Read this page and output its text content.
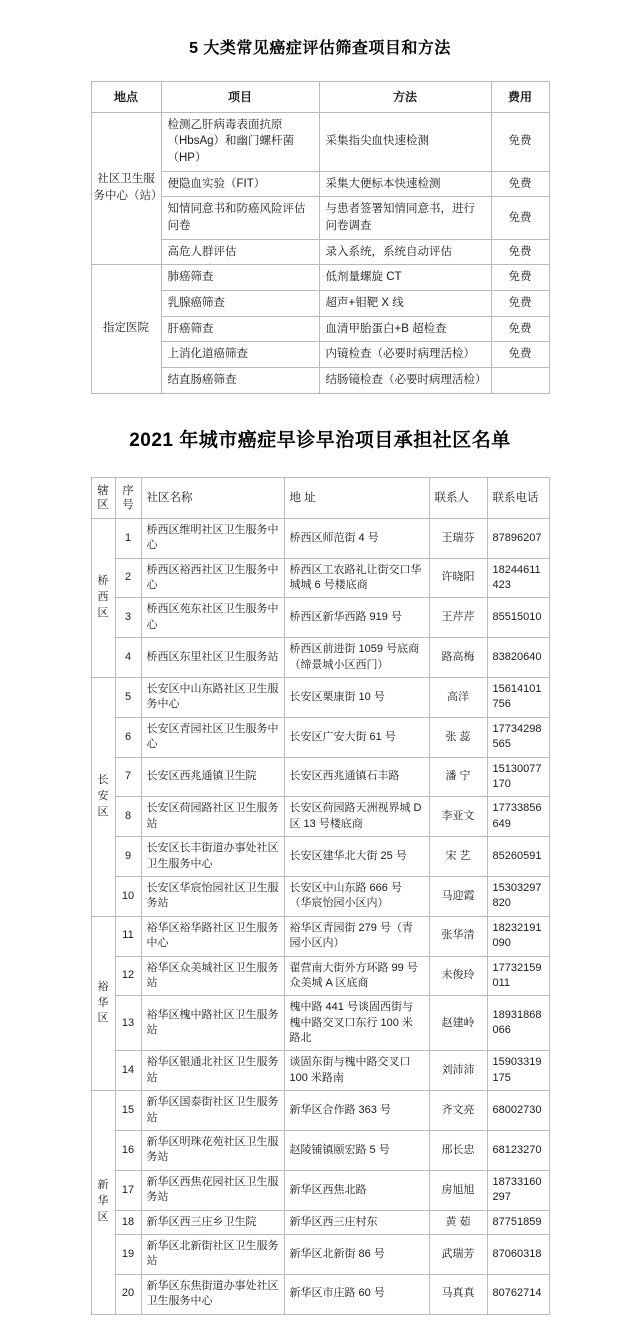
5 大类常见癌症评估筛查项目和方法
地点	项目	方法	费用
社区卫生服务中心（站）	检测乙肝病毒表面抗原（HbsAg）和幽门螺杆菌（HP）	采集指尖血快速检测	免费
	便隐血实验（FIT）	采集大便标本快速检测	免费
	知情同意书和防癌风险评估问卷	与患者签署知情同意书，进行问卷调查	免费
	高危人群评估	录入系统，系统自动评估	免费
指定医院	肺癌筛查	低剂量螺旋 CT	免费
	乳腺癌筛查	超声+钼靶 X 线	免费
	肝癌筛查	血清甲胎蛋白+B 超检查	免费
	上消化道癌筛查	内镜检查（必要时病理活检）	免费
	结直肠癌筛查	结肠镜检查（必要时病理活检）	
2021 年城市癌症早诊早治项目承担社区名单
辖区	序号	社区名称	地 址	联系人	联系电话
桥西区	1	桥西区维明社区卫生服务中心	桥西区师范街 4 号	王瑞芬	87896207
	2	桥西区裕西社区卫生服务中心	桥西区工农路礼让街交口华城城 6 号楼底商	许晓阳	18244611423
	3	桥西区苑东社区卫生服务中心	桥西区新华西路 919 号	王芹芹	85515010
	4	桥西区东里社区卫生服务站	桥西区前进街 1059 号底商（缔景城小区西门）	路高梅	83820640
长安区	5	长安区中山东路社区卫生服务中心	长安区栗康街 10 号	高洋	15614101756
	6	长安区青园社区卫生服务中心	长安区广安大街 61 号	张 蕊	17734298565
	7	长安区西兆通镇卫生院	长安区西兆通镇石丰路	潘 宁	15130077170
	8	长安区荷园路社区卫生服务站	长安区荷园路天洲视界城 D 区 13 号楼底商	李亚文	17733856649
	9	长安区长丰街道办事处社区卫生服务中心	长安区建华北大街 25 号	宋 艺	85260591
	10	长安区华宸怡园社区卫生服务站	长安区中山东路 666 号（华宸怡园小区内）	马迎霞	15303297820
裕华区	11	裕华区裕华路社区卫生服务中心	裕华区青园街 279 号（青园小区内）	张华清	18232191090
	12	裕华区众美城社区卫生服务站	翟营南大街外方环路 99 号众美城 A 区底商	未俊玲	17732159011
	13	裕华区槐中路社区卫生服务站	槐中路 441 号谈固西街与槐中路交叉口东行 100 米路北	赵建岭	18931868066
	14	裕华区银通北社区卫生服务站	谈固东街与槐中路交叉口 100 米路南	刘沛沛	15903319175
新华区	15	新华区国泰街社区卫生服务站	新华区合作路 363 号	齐文亮	68002730
	16	新华区明珠花苑社区卫生服务站	赵陵铺镇颐宏路 5 号	邢长忠	68123270
	17	新华区西焦花园社区卫生服务站	新华区西焦北路	房旭旭	18733160297
	18	新华区西三庄乡卫生院	新华区西三庄村东	黄 茹	87751859
	19	新华区北新街社区卫生服务站	新华区北新街 86 号	武瑞芳	87060318
	20	新华区东焦街道办事处社区卫生服务中心	新华区市庄路 60 号	马真真	80762714
